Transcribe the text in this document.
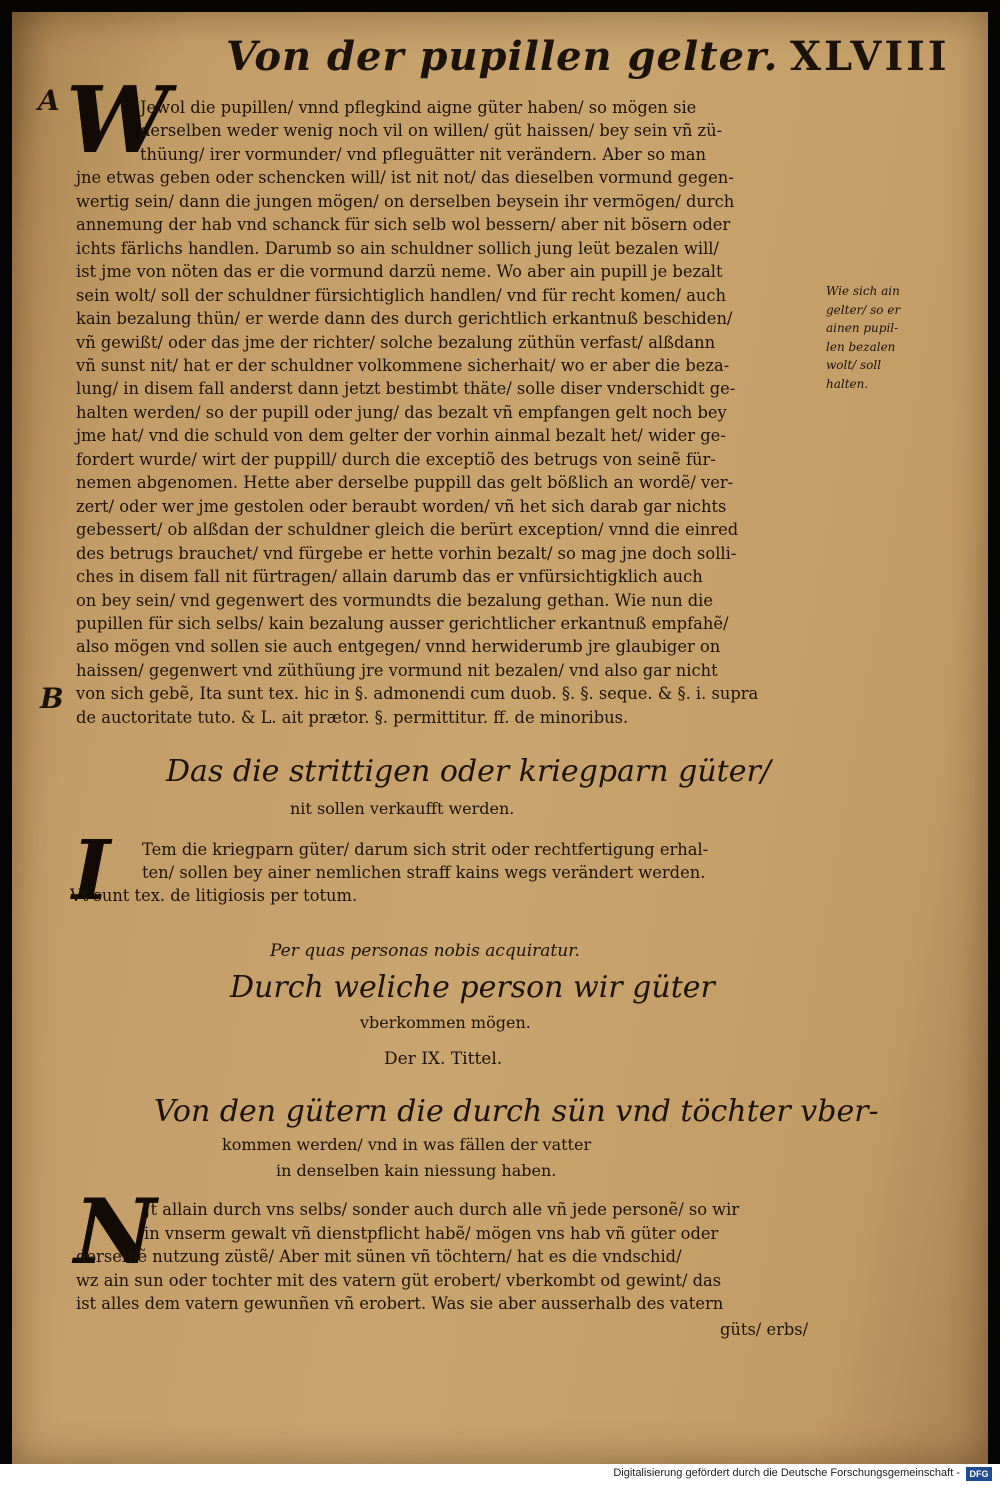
Von der pupillen gelter. XLVIII
A
B
W
Jewol die pupillen/ vnnd pflegkind aigne güter haben/ so mögen sie
derselben weder wenig noch vil on willen/ güt haissen/ bey sein vñ zü-
thüung/ irer vormunder/ vnd pfleguätter nit verändern. Aber so man
jne etwas geben oder schencken will/ ist nit not/ das dieselben vormund gegen-
wertig sein/ dann die jungen mögen/ on derselben beysein ihr vermögen/ durch
annemung der hab vnd schanck für sich selb wol bessern/ aber nit bösern oder
ichts färlichs handlen. Darumb so ain schuldner sollich jung leüt bezalen will/
ist jme von nöten das er die vormund darzü neme. Wo aber ain pupill je bezalt
sein wolt/ soll der schuldner fürsichtiglich handlen/ vnd für recht komen/ auch
kain bezalung thün/ er werde dann des durch gerichtlich erkantnuß beschiden/
vñ gewißt/ oder das jme der richter/ solche bezalung züthün verfast/ alßdann
vñ sunst nit/ hat er der schuldner volkommene sicherhait/ wo er aber die beza-
lung/ in disem fall anderst dann jetzt bestimbt thäte/ solle diser vnderschidt ge-
halten werden/ so der pupill oder jung/ das bezalt vñ empfangen gelt noch bey
jme hat/ vnd die schuld von dem gelter der vorhin ainmal bezalt het/ wider ge-
fordert wurde/ wirt der puppill/ durch die exceptiõ des betrugs von seinẽ für-
nemen abgenomen. Hette aber derselbe puppill das gelt bößlich an wordẽ/ ver-
zert/ oder wer jme gestolen oder beraubt worden/ vñ het sich darab gar nichts
gebessert/ ob alßdan der schuldner gleich die berürt exception/ vnnd die einred
des betrugs brauchet/ vnd fürgebe er hette vorhin bezalt/ so mag jne doch solli-
ches in disem fall nit fürtragen/ allain darumb das er vnfürsichtigklich auch
on bey sein/ vnd gegenwert des vormundts die bezalung gethan. Wie nun die
pupillen für sich selbs/ kain bezalung ausser gerichtlicher erkantnuß empfahẽ/
also mögen vnd sollen sie auch entgegen/ vnnd herwiderumb jre glaubiger on
haissen/ gegenwert vnd züthüung jre vormund nit bezalen/ vnd also gar nicht
von sich gebẽ, Ita sunt tex. hic in §. admonendi cum duob. §. §. seque. & §. i. supra
de auctoritate tuto. & L. ait prætor. §. permittitur. ff. de minoribus.
Wie sich ain
gelter/ so er
ainen pupil-
len bezalen
wolt/ soll
halten.
Das die strittigen oder kriegparn güter/
nit sollen verkaufft werden.
I Tem die kriegparn güter/ darum sich strit oder rechtfertigung erhal-
ten/ sollen bey ainer nemlichen straff kains wegs verändert werden.
Vt sunt tex. de litigiosis per totum.
Per quas personas nobis acquiratur.
Durch weliche person wir güter
vberkommen mögen.
Der IX. Tittel.
Von den gütern die durch sün vnd töchter vber-
kommen werden/ vnd in was fällen der vatter
in denselben kain niessung haben.
N
Jt allain durch vns selbs/ sonder auch durch alle vñ jede personẽ/ so wir
in vnserm gewalt vñ dienstpflicht habẽ/ mögen vns hab vñ güter oder
derselbẽ nutzung züstẽ/ Aber mit sünen vñ töchtern/ hat es die vndschid/
wz ain sun oder tochter mit des vatern güt erobert/ vberkombt od gewint/ das
ist alles dem vatern gewunñen vñ erobert. Was sie aber ausserhalb des vatern
güts/ erbs/
Digitalisierung gefördert durch die Deutsche Forschungsgemeinschaft -	DFG
